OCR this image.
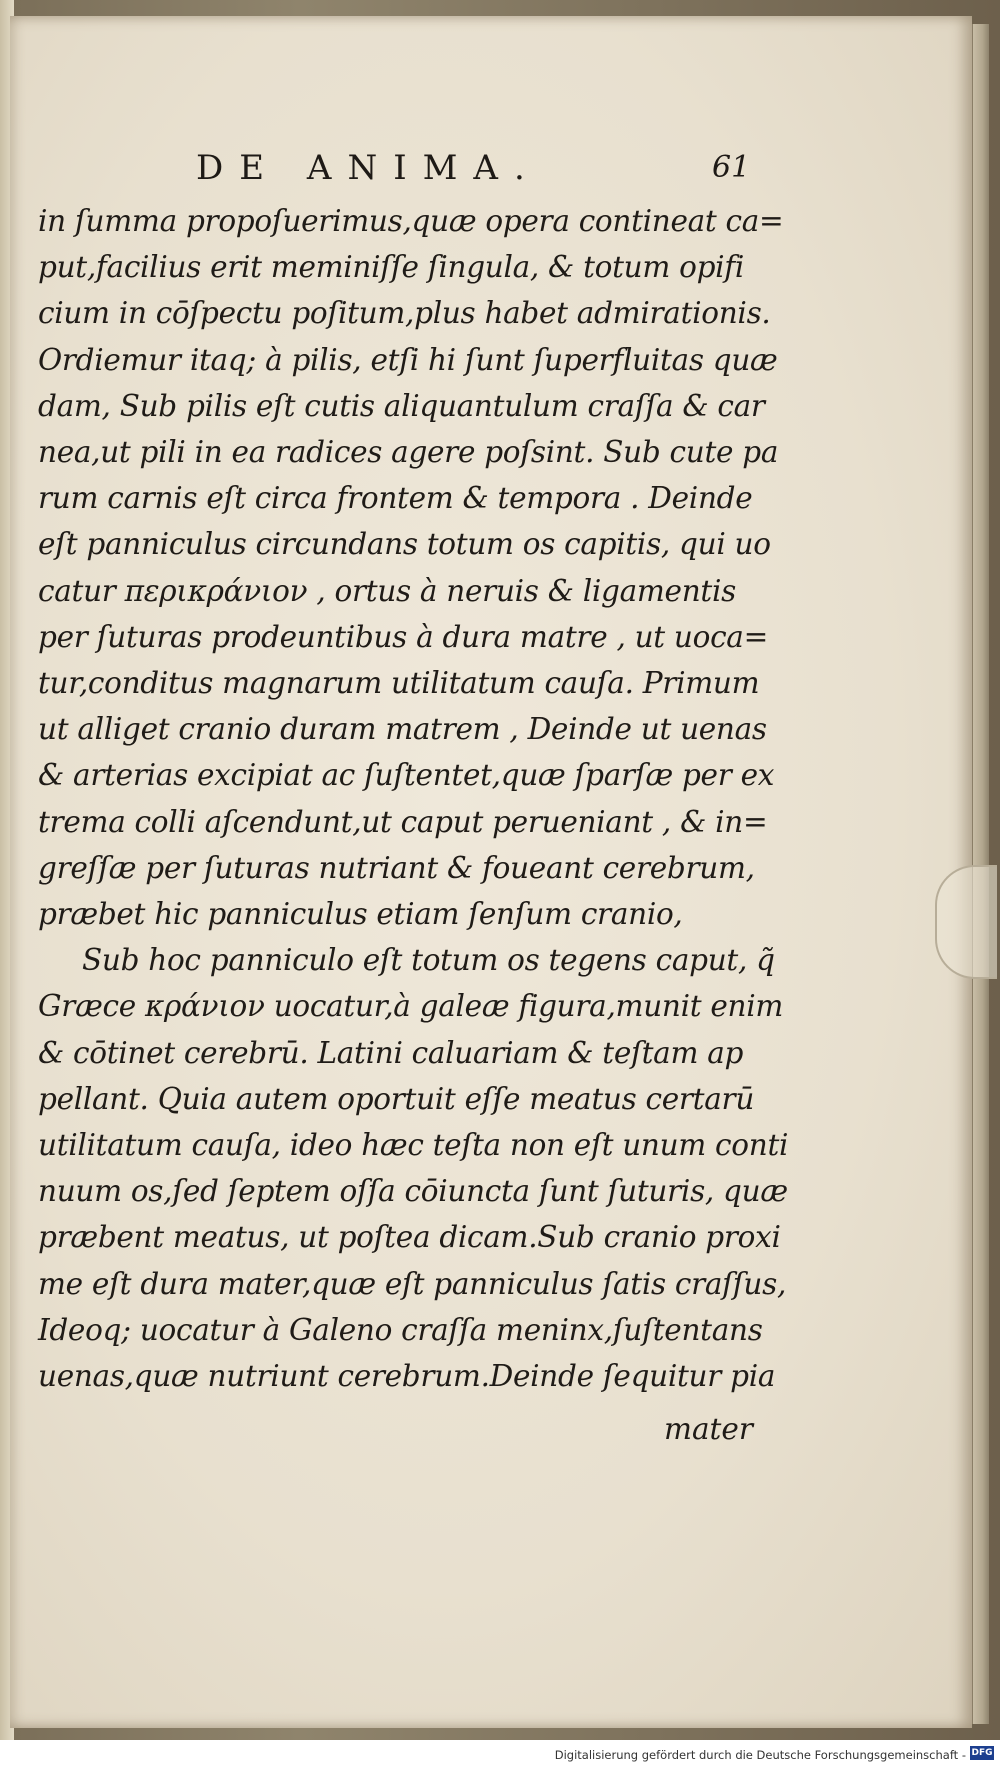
DE ANIMA.	61
in ſumma propoſuerimus,quæ opera contineat ca=
put,facilius erit meminiſſe ſingula, & totum opifi
cium in cōſpectu poſitum,plus habet admirationis.
Ordiemur itaq; à pilis, etſi hi ſunt ſuperfluitas quæ
dam, Sub pilis eſt cutis aliquantulum craſſa & car
nea,ut pili in ea radices agere poſsint. Sub cute pa
rum carnis eſt circa frontem & tempora . Deinde
eſt panniculus circundans totum os capitis, qui uo
catur περικράνιον , ortus à neruis & ligamentis
per ſuturas prodeuntibus à dura matre , ut uoca=
tur,conditus magnarum utilitatum cauſa. Primum
ut alliget cranio duram matrem , Deinde ut uenas
& arterias excipiat ac ſuſtentet,quæ ſparſæ per ex
trema colli aſcendunt,ut caput perueniant , & in=
greſſæ per ſuturas nutriant & foueant cerebrum,
præbet hic panniculus etiam ſenſum cranio,
Sub hoc panniculo eſt totum os tegens caput, q̃
Græce κράνιον uocatur,à galeæ figura,munit enim
& cōtinet cerebrū. Latini caluariam & teſtam ap
pellant. Quia autem oportuit eſſe meatus certarū
utilitatum cauſa, ideo hæc teſta non eſt unum conti
nuum os,ſed ſeptem oſſa cōiuncta ſunt ſuturis, quæ
præbent meatus, ut poſtea dicam.Sub cranio proxi
me eſt dura mater,quæ eſt panniculus ſatis craſſus,
Ideoq; uocatur à Galeno craſſa meninx,ſuſtentans
uenas,quæ nutriunt cerebrum.Deinde ſequitur pia
mater
Digitalisierung gefördert durch die Deutsche Forschungsgemeinschaft - DFG
